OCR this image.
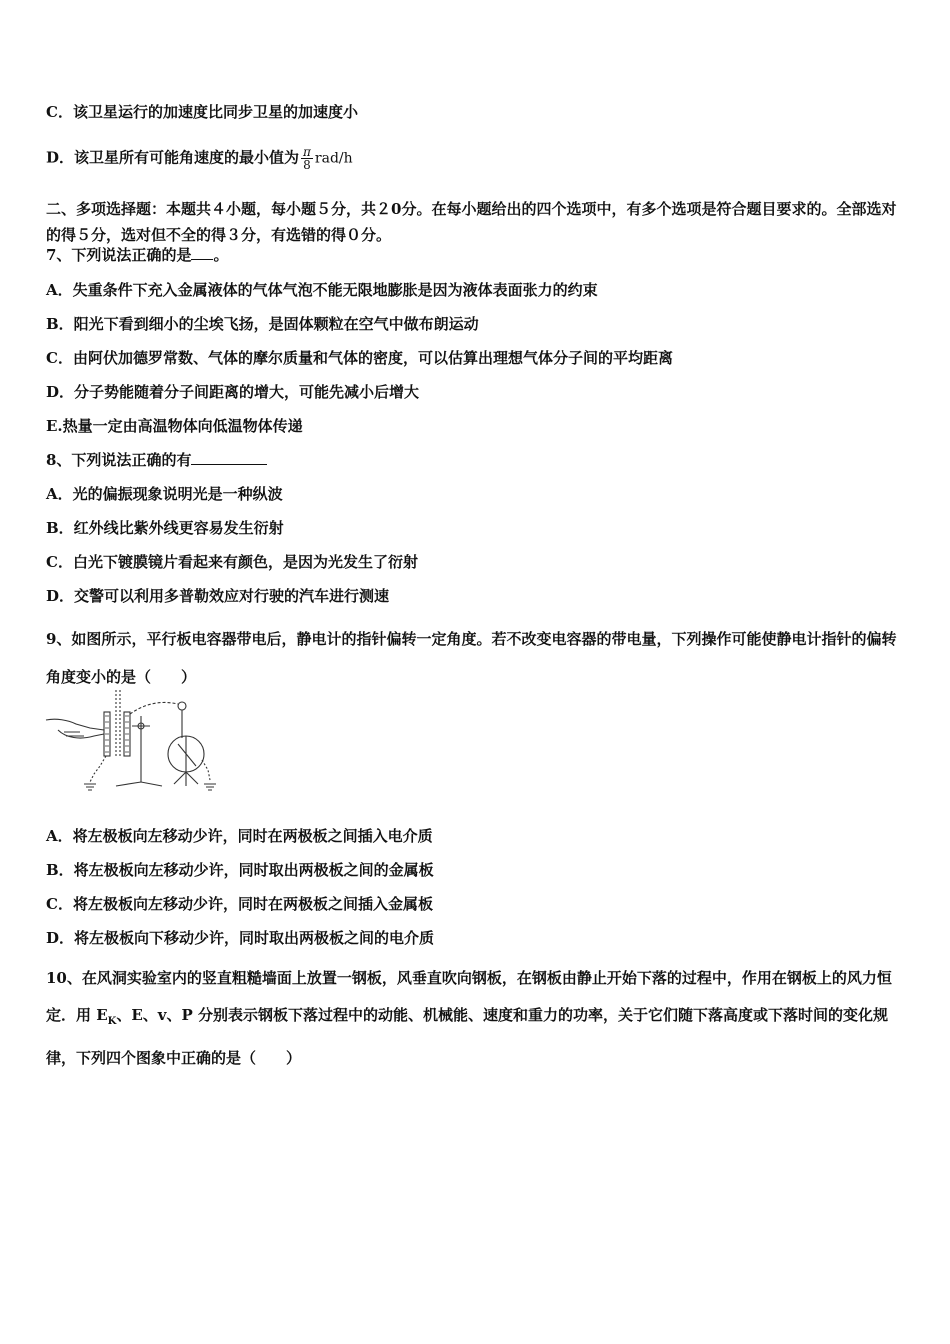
C．该卫星运行的加速度比同步卫星的加速度小
D．该卫星所有可能角速度的最小值为 $\frac{\pi}{8} rad/h$
二、多项选择题：本题共４小题，每小题５分，共２0分。在每小题给出的四个选项中，有多个选项是符合题目要求的。全部选对的得５分，选对但不全的得３分，有选错的得０分。
7、下列说法正确的是 。
A．失重条件下充入金属液体的气体气泡不能无限地膨胀是因为液体表面张力的约束
B．阳光下看到细小的尘埃飞扬，是固体颗粒在空气中做布朗运动
C．由阿伏加德罗常数、气体的摩尔质量和气体的密度，可以估算出理想气体分子间的平均距离
D．分子势能随着分子间距离的增大，可能先减小后增大
E.热量一定由高温物体向低温物体传递
8、下列说法正确的有
A．光的偏振现象说明光是一种纵波
B．红外线比紫外线更容易发生衍射
C．白光下镀膜镜片看起来有颜色，是因为光发生了衍射
D．交警可以利用多普勒效应对行驶的汽车进行测速
9、如图所示，平行板电容器带电后，静电计的指针偏转一定角度。若不改变电容器的带电量，下列操作可能使静电计指针的偏转角度变小的是（　　）
A．将左极板向左移动少许，同时在两极板之间插入电介质
B．将左极板向左移动少许，同时取出两极板之间的金属板
C．将左极板向左移动少许，同时在两极板之间插入金属板
D．将左极板向下移动少许，同时取出两极板之间的电介质
10、在风洞实验室内的竖直粗糙墙面上放置一钢板，风垂直吹向钢板，在钢板由静止开始下落的过程中，作用在钢板上的风力恒定．用 $E_K$、E、v、P 分别表示钢板下落过程中的动能、机械能、速度和重力的功率，关于它们随下落高度或下落时间的变化规律，下列四个图象中正确的是（　　）
